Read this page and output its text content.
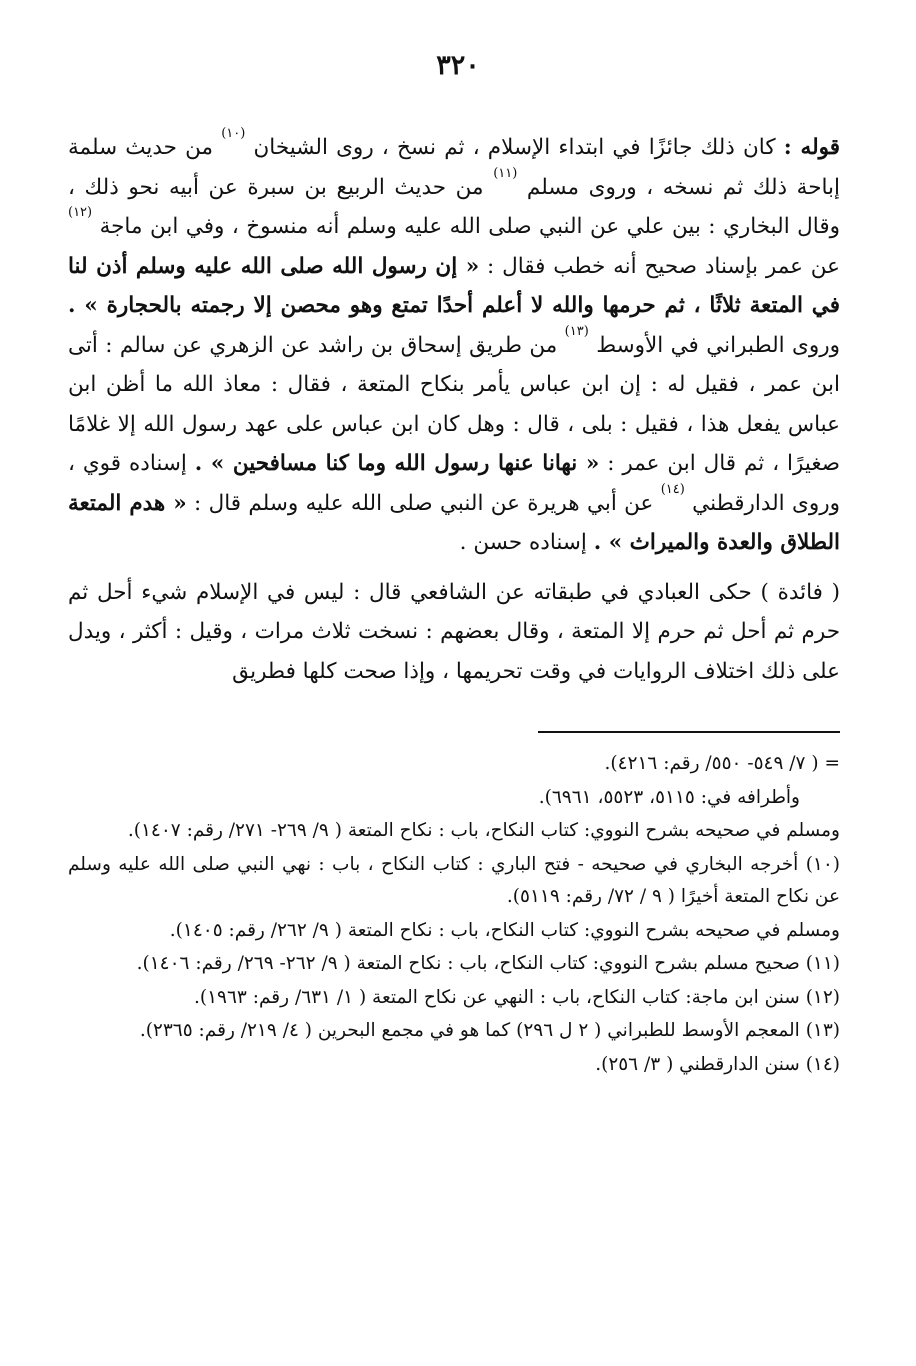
٣٢٠

قوله : كان ذلك جائزًا في ابتداء الإسلام ، ثم نسخ ، روى الشيخان $^{(١٠)}$ من حديث سلمة إباحة ذلك ثم نسخه ، وروى مسلم $^{(١١)}$ من حديث الربيع بن سبرة عن أبيه نحو ذلك ، وقال البخاري : بين علي عن النبي صلى الله عليه وسلم أنه منسوخ ، وفي ابن ماجة $^{(١٢)}$ عن عمر بإسناد صحيح أنه خطب فقال : « إن رسول الله صلى الله عليه وسلم أذن لنا في المتعة ثلاثًا ، ثم حرمها والله لا أعلم أحدًا تمتع وهو محصن إلا رجمته بالحجارة » . وروى الطبراني في الأوسط $^{(١٣)}$ من طريق إسحاق بن راشد عن الزهري عن سالم : أتى ابن عمر ، فقيل له : إن ابن عباس يأمر بنكاح المتعة ، فقال : معاذ الله ما أظن ابن عباس يفعل هذا ، فقيل : بلى ، قال : وهل كان ابن عباس على عهد رسول الله إلا غلامًا صغيرًا ، ثم قال ابن عمر : « نهانا عنها رسول الله وما كنا مسافحين » . إسناده قوي ، وروى الدارقطني $^{(١٤)}$ عن أبي هريرة عن النبي صلى الله عليه وسلم قال : « هدم المتعة الطلاق والعدة والميراث » . إسناده حسن .

( فائدة ) حكى العبادي في طبقاته عن الشافعي قال : ليس في الإسلام شيء أحل ثم حرم ثم أحل ثم حرم إلا المتعة ، وقال بعضهم : نسخت ثلاث مرات ، وقيل : أكثر ، ويدل على ذلك اختلاف الروايات في وقت تحريمها ، وإذا صحت كلها فطريق

= ( ٧/ ٥٤٩- ٥٥٠/ رقم: ٤٢١٦).
وأطرافه في: ٥١١٥، ٥٥٢٣، ٦٩٦١).
ومسلم في صحيحه بشرح النووي: كتاب النكاح، باب : نكاح المتعة ( ٩/ ٢٦٩- ٢٧١/ رقم: ١٤٠٧).
(١٠) أخرجه البخاري في صحيحه - فتح الباري : كتاب النكاح ، باب : نهي النبي صلى الله عليه وسلم عن نكاح المتعة أخيرًا ( ٩ / ٧٢/ رقم: ٥١١٩).
ومسلم في صحيحه بشرح النووي: كتاب النكاح، باب : نكاح المتعة ( ٩/ ٢٦٢/ رقم: ١٤٠٥).
(١١) صحيح مسلم بشرح النووي: كتاب النكاح، باب : نكاح المتعة ( ٩/ ٢٦٢- ٢٦٩/ رقم: ١٤٠٦).
(١٢) سنن ابن ماجة: كتاب النكاح، باب : النهي عن نكاح المتعة ( ١/ ٦٣١/ رقم: ١٩٦٣).
(١٣) المعجم الأوسط للطبراني ( ٢ ل ٢٩٦) كما هو في مجمع البحرين ( ٤/ ٢١٩/ رقم: ٢٣٦٥).
(١٤) سنن الدارقطني ( ٣/ ٢٥٦).
